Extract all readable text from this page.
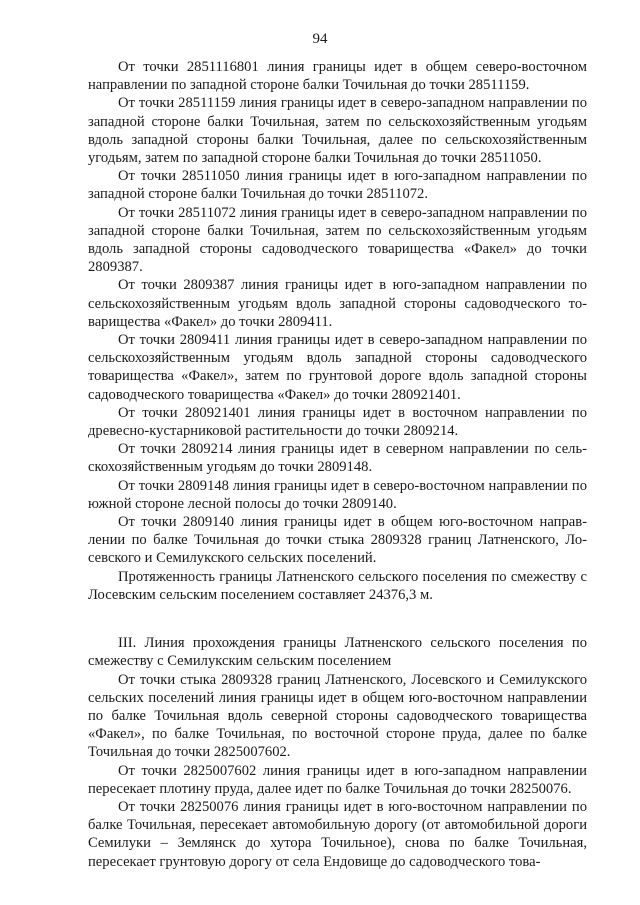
94

От точки 2851116801 линия границы идет в общем северо-восточном направлении по западной стороне балки Точильная до точки 28511159.

От точки 28511159 линия границы идет в северо-западном направлении по западной стороне балки Точильная, затем по сельскохозяйственным угодьям вдоль западной стороны балки Точильная, далее по сельскохозяйственным угодьям, затем по западной стороне балки Точильная до точки 28511050.

От точки 28511050 линия границы идет в юго-западном направлении по западной стороне балки Точильная до точки 28511072.

От точки 28511072 линия границы идет в северо-западном направлении по западной стороне балки Точильная, затем по сельскохозяйственным угодьям вдоль западной стороны садоводческого товарищества «Факел» до точки 2809387.

От точки 2809387 линия границы идет в юго-западном направлении по сельскохозяйственным угодьям вдоль западной стороны садоводческого товарищества «Факел» до точки 2809411.

От точки 2809411 линия границы идет в северо-западном направлении по сельскохозяйственным угодьям вдоль западной стороны садоводческого товарищества «Факел», затем по грунтовой дороге вдоль западной стороны садоводческого товарищества «Факел» до точки 280921401.

От точки 280921401 линия границы идет в восточном направлении по древесно-кустарниковой растительности до точки 2809214.

От точки 2809214 линия границы идет в северном направлении по сельскохозяйственным угодьям до точки 2809148.

От точки 2809148 линия границы идет в северо-восточном направлении по южной стороне лесной полосы до точки 2809140.

От точки 2809140 линия границы идет в общем юго-восточном направлении по балке Точильная до точки стыка 2809328 границ Латненского, Лосевского и Семилукского сельских поселений.

Протяженность границы Латненского сельского поселения по смежеству с Лосевским сельским поселением составляет 24376,3 м.

III. Линия прохождения границы Латненского сельского поселения по смежеству с Семилукским сельским поселением

От точки стыка 2809328 границ Латненского, Лосевского и Семилукского сельских поселений линия границы идет в общем юго-восточном направлении по балке Точильная вдоль северной стороны садоводческого товарищества «Факел», по балке Точильная, по восточной стороне пруда, далее по балке Точильная до точки 2825007602.

От точки 2825007602 линия границы идет в юго-западном направлении пересекает плотину пруда, далее идет по балке Точильная до точки 28250076.

От точки 28250076 линия границы идет в юго-восточном направлении по балке Точильная, пересекает автомобильную дорогу (от автомобильной дороги Семилуки – Землянск до хутора Точильное), снова по балке Точильная, пересекает грунтовую дорогу от села Ендовище до садоводческого това-
